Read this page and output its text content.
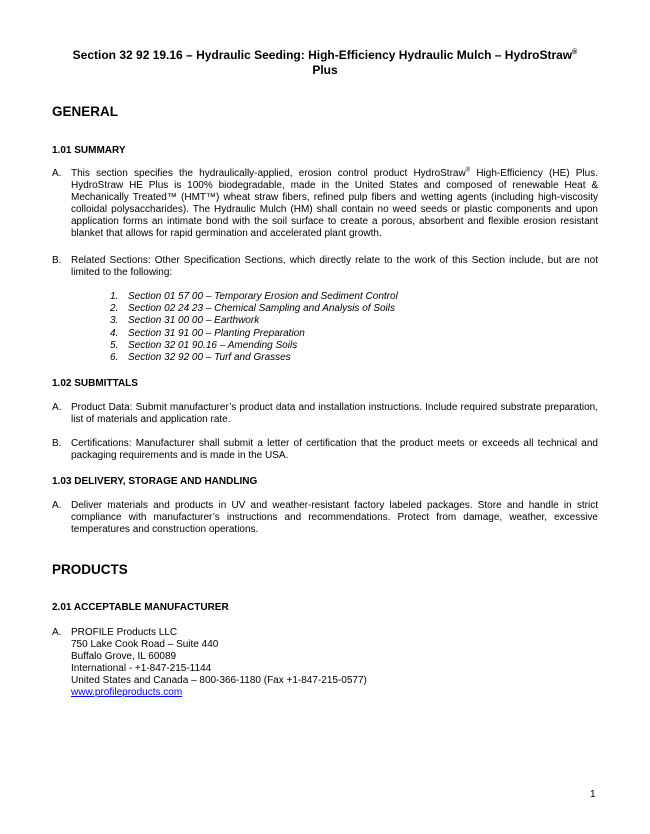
Section 32 92 19.16 – Hydraulic Seeding: High-Efficiency Hydraulic Mulch – HydroStraw®
Plus
GENERAL
1.01 SUMMARY
A. This section specifies the hydraulically-applied, erosion control product HydroStraw® High-Efficiency (HE) Plus. HydroStraw HE Plus is 100% biodegradable, made in the United States and composed of renewable Heat & Mechanically Treated™ (HMT™) wheat straw fibers, refined pulp fibers and wetting agents (including high-viscosity colloidal polysaccharides). The Hydraulic Mulch (HM) shall contain no weed seeds or plastic components and upon application forms an intimate bond with the soil surface to create a porous, absorbent and flexible erosion resistant blanket that allows for rapid germination and accelerated plant growth.
B. Related Sections: Other Specification Sections, which directly relate to the work of this Section include, but are not limited to the following:
1. Section 01 57 00 – Temporary Erosion and Sediment Control
2. Section 02 24 23 – Chemical Sampling and Analysis of Soils
3. Section 31 00 00 – Earthwork
4. Section 31 91 00 – Planting Preparation
5. Section 32 01 90.16 – Amending Soils
6. Section 32 92 00 – Turf and Grasses
1.02 SUBMITTALS
A. Product Data: Submit manufacturer’s product data and installation instructions. Include required substrate preparation, list of materials and application rate.
B. Certifications: Manufacturer shall submit a letter of certification that the product meets or exceeds all technical and packaging requirements and is made in the USA.
1.03 DELIVERY, STORAGE AND HANDLING
A. Deliver materials and products in UV and weather-resistant factory labeled packages. Store and handle in strict compliance with manufacturer’s instructions and recommendations. Protect from damage, weather, excessive temperatures and construction operations.
PRODUCTS
2.01 ACCEPTABLE MANUFACTURER
A. PROFILE Products LLC
750 Lake Cook Road – Suite 440
Buffalo Grove, IL 60089
International - +1-847-215-1144
United States and Canada – 800-366-1180 (Fax +1-847-215-0577)
www.profileproducts.com
1
